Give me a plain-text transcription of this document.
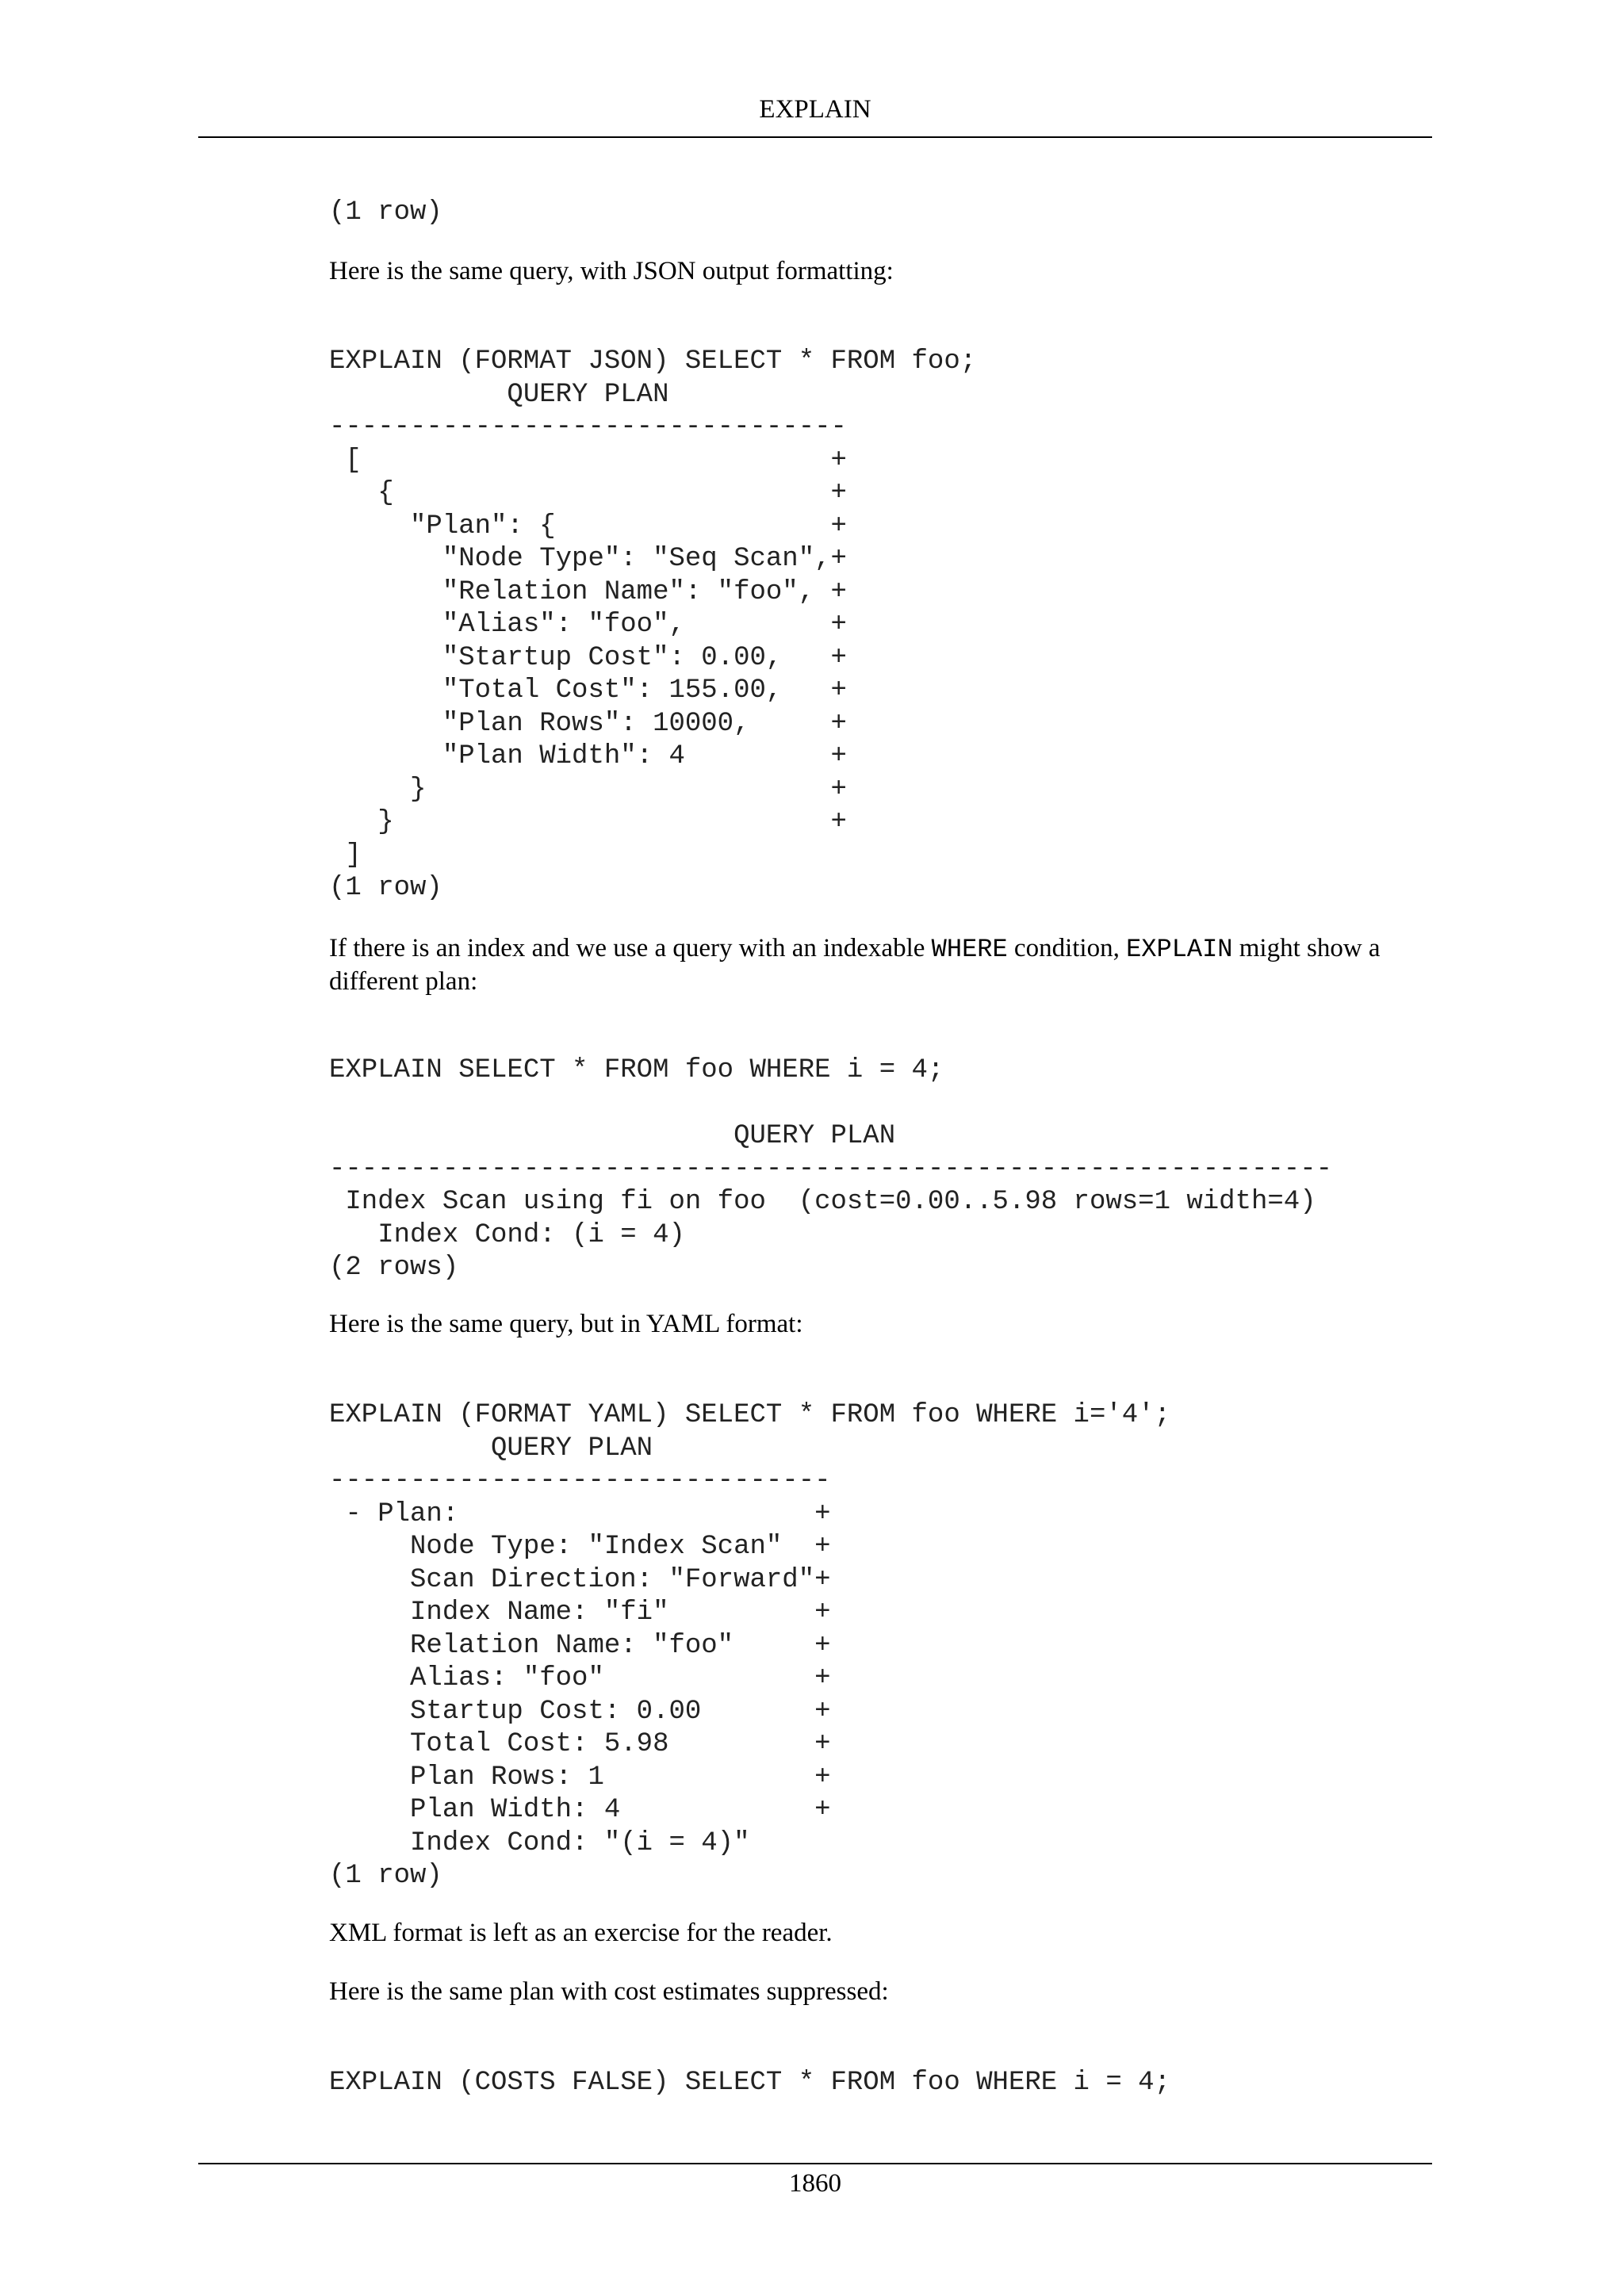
EXPLAIN
(1 row)

Here is the same query, with JSON output formatting:

EXPLAIN (FORMAT JSON) SELECT * FROM foo;
QUERY PLAN
--------------------------------
[                             +
{                           +
"Plan": {                 +
"Node Type": "Seq Scan",+
"Relation Name": "foo", +
"Alias": "foo",         +
"Startup Cost": 0.00,   +
"Total Cost": 155.00,   +
"Plan Rows": 10000,     +
"Plan Width": 4         +
}                         +
}                           +
]
(1 row)

If there is an index and we use a query with an indexable WHERE condition, EXPLAIN might show a different plan:

EXPLAIN SELECT * FROM foo WHERE i = 4;

QUERY PLAN
--------------------------------------------------------------
Index Scan using fi on foo  (cost=0.00..5.98 rows=1 width=4)
Index Cond: (i = 4)
(2 rows)

Here is the same query, but in YAML format:

EXPLAIN (FORMAT YAML) SELECT * FROM foo WHERE i='4';
QUERY PLAN
-------------------------------
- Plan:                      +
Node Type: "Index Scan"  +
Scan Direction: "Forward"+
Index Name: "fi"         +
Relation Name: "foo"     +
Alias: "foo"             +
Startup Cost: 0.00       +
Total Cost: 5.98         +
Plan Rows: 1             +
Plan Width: 4            +
Index Cond: "(i = 4)"
(1 row)

XML format is left as an exercise for the reader.

Here is the same plan with cost estimates suppressed:

EXPLAIN (COSTS FALSE) SELECT * FROM foo WHERE i = 4;
1860
